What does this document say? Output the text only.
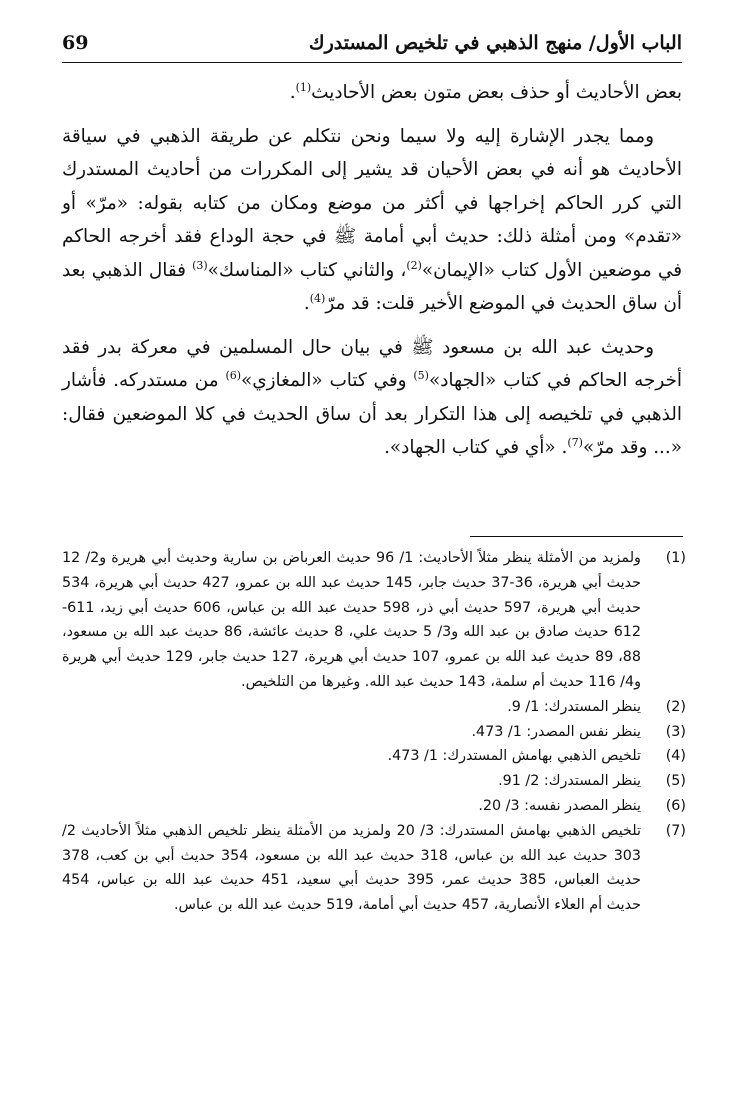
الباب الأول/ منهج الذهبي في تلخيص المستدرك
69

بعض الأحاديث أو حذف بعض متون بعض الأحاديث$^{(1)}$.

ومما يجدر الإشارة إليه ولا سيما ونحن نتكلم عن طريقة الذهبي في سياقة الأحاديث هو أنه في بعض الأحيان قد يشير إلى المكررات من أحاديث المستدرك التي كرر الحاكم إخراجها في أكثر من موضع ومكان من كتابه بقوله: «مرّ» أو «تقدم» ومن أمثلة ذلك: حديث أبي أمامة ﷺ في حجة الوداع فقد أخرجه الحاكم في موضعين الأول كتاب «الإيمان»$^{(2)}$، والثاني كتاب «المناسك»$^{(3)}$ فقال الذهبي بعد أن ساق الحديث في الموضع الأخير قلت: قد مرّ$^{(4)}$.

وحديث عبد الله بن مسعود ﷺ في بيان حال المسلمين في معركة بدر فقد أخرجه الحاكم في كتاب «الجهاد»$^{(5)}$ وفي كتاب «المغازي»$^{(6)}$ من مستدركه. فأشار الذهبي في تلخيصه إلى هذا التكرار بعد أن ساق الحديث في كلا الموضعين فقال: «... وقد مرّ»$^{(7)}$. «أي في كتاب الجهاد».

(1)
ولمزيد من الأمثلة ينظر مثلاً الأحاديث: 1/ 96 حديث العرباض بن سارية وحديث أبي هريرة و2/ 12 حديث أبي هريرة، 36-37 حديث جابر، 145 حديث عبد الله بن عمرو، 427 حديث أبي هريرة، 534 حديث أبي هريرة، 597 حديث أبي ذر، 598 حديث عبد الله بن عباس، 606 حديث أبي زيد، 611-612 حديث صادق بن عبد الله و3/ 5 حديث علي، 8 حديث عائشة، 86 حديث عبد الله بن مسعود، 88، 89 حديث عبد الله بن عمرو، 107 حديث أبي هريرة، 127 حديث جابر، 129 حديث أبي هريرة و4/ 116 حديث أم سلمة، 143 حديث عبد الله. وغيرها من التلخيص.
(2)
ينظر المستدرك: 1/ 9.
(3)
ينظر نفس المصدر: 1/ 473.
(4)
تلخيص الذهبي بهامش المستدرك: 1/ 473.
(5)
ينظر المستدرك: 2/ 91.
(6)
ينظر المصدر نفسه: 3/ 20.
(7)
تلخيص الذهبي بهامش المستدرك: 3/ 20 ولمزيد من الأمثلة ينظر تلخيص الذهبي مثلاً الأحاديث 2/ 303 حديث عبد الله بن عباس، 318 حديث عبد الله بن مسعود، 354 حديث أبي بن كعب، 378 حديث العباس، 385 حديث عمر، 395 حديث أبي سعيد، 451 حديث عبد الله بن عباس، 454 حديث أم العلاء الأنصارية، 457 حديث أبي أمامة، 519 حديث عبد الله بن عباس.
